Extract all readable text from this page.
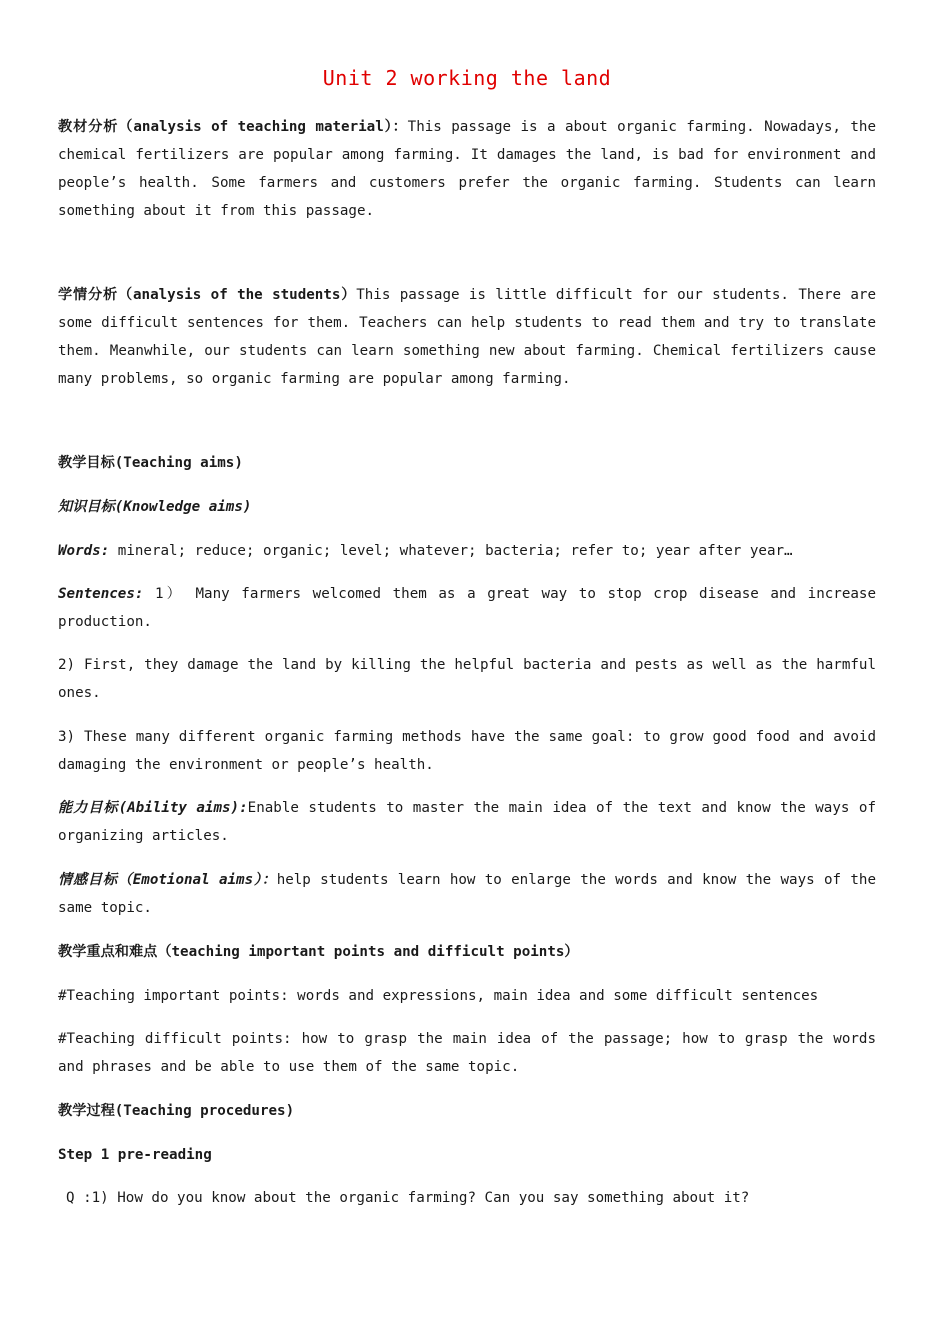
Unit 2 working the land

教材分析（analysis of teaching material）：This passage is a about organic farming. Nowadays, the chemical fertilizers are popular among farming. It damages the land, is bad for environment and people’s health. Some farmers and customers prefer the organic farming. Students can learn something about it from this passage.

学情分析（analysis of the students）This passage is little difficult for our students. There are some difficult sentences for them. Teachers can help students to read them and try to translate them. Meanwhile, our students can learn something new about farming. Chemical fertilizers cause many problems, so organic farming are popular among farming.

教学目标(Teaching aims)
知识目标(Knowledge aims)
Words: mineral; reduce; organic; level; whatever; bacteria; refer to; year after year…

Sentences: 1） Many farmers welcomed them as a great way to stop crop disease and increase production.

2) First, they damage the land by killing the helpful bacteria and pests as well as the harmful ones.

3) These many different organic farming methods have the same goal: to grow good food and avoid damaging the environment or people’s health.

能力目标(Ability aims):Enable students to master the main idea of the text and know the ways of organizing articles.

情感目标（Emotional aims）：help students learn how to enlarge the words and know the ways of the same topic.

教学重点和难点（teaching important points and difficult points）
#Teaching important points: words and expressions, main idea and some difficult sentences

#Teaching difficult points: how to grasp the main idea of the passage; how to grasp the words and phrases and be able to use them of the same topic.

教学过程(Teaching procedures)
Step 1 pre-reading
Q :1) How do you know about the organic farming? Can you say something about it?
